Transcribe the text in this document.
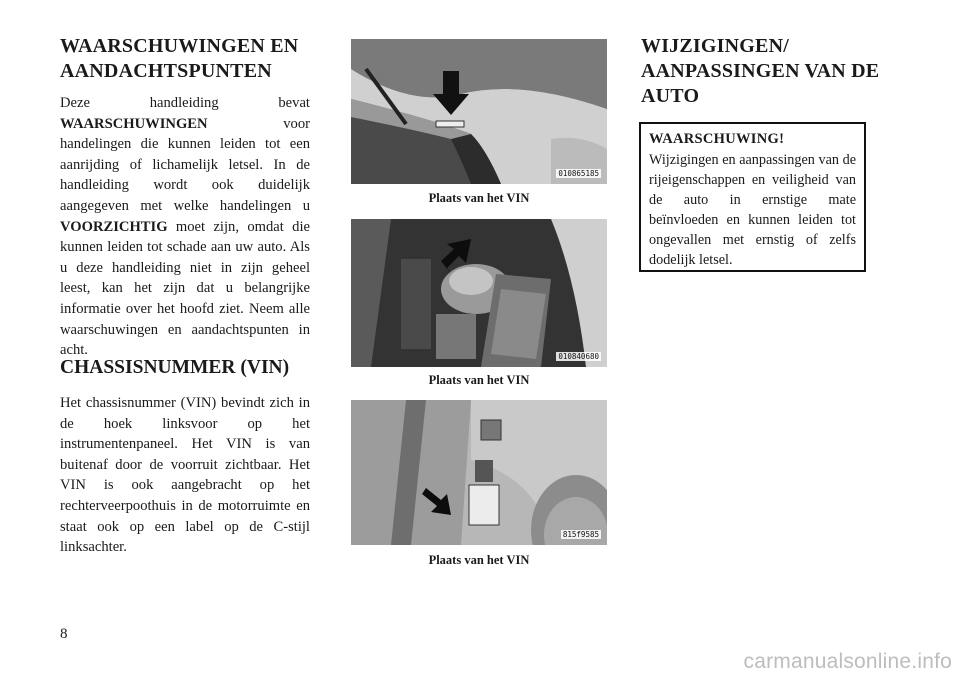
WAARSCHUWINGEN EN
AANDACHTSPUNTEN

Deze handleiding bevat WAARSCHUWINGEN voor handelingen die kunnen leiden tot een aanrijding of lichamelijk letsel. In de handleiding wordt ook duidelijk aangegeven met welke handelingen u VOORZICHTIG moet zijn, omdat die kunnen leiden tot schade aan uw auto. Als u deze handleiding niet in zijn geheel leest, kan het zijn dat u belangrijke informatie over het hoofd ziet. Neem alle waarschuwingen en aandachtspunten in acht.

CHASSISNUMMER (VIN)

Het chassisnummer (VIN) bevindt zich in de hoek linksvoor op het instrumentenpaneel. Het VIN is van buitenaf door de voorruit zichtbaar. Het VIN is ook aangebracht op het rechterveerpoothuis in de motorruimte en staat ook op een label op de C-stijl linksachter.

010865185
Plaats van het VIN
010840680
Plaats van het VIN
815f9585
Plaats van het VIN
WIJZIGINGEN/
AANPASSINGEN VAN DE
AUTO

WAARSCHUWING!

Wijzigingen en aanpassingen van de rijeigenschappen en veiligheid van de auto in ernstige mate beïnvloeden en kunnen leiden tot ongevallen met ernstig of zelfs dodelijk letsel.

8
carmanualsonline.info
